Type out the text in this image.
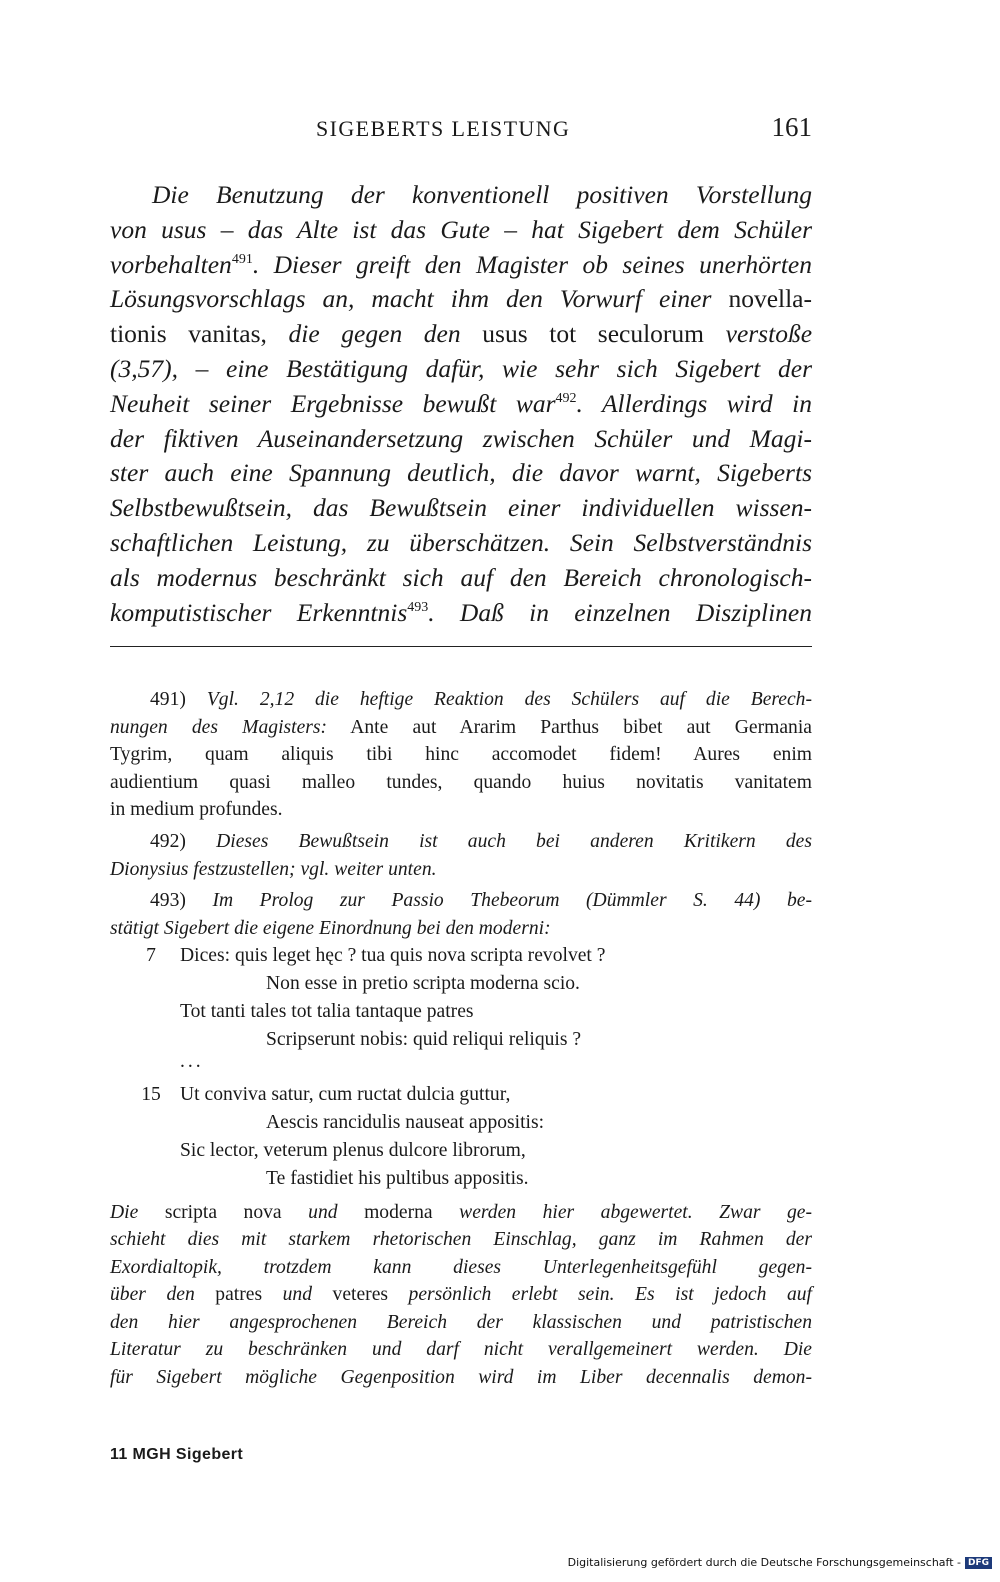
SIGEBERTS LEISTUNG	161
Die Benutzung der konventionell positiven Vorstellung
von usus – das Alte ist das Gute – hat Sigebert dem Schüler
vorbehalten$^{491}$. Dieser greift den Magister ob seines unerhörten
Lösungsvorschlags an, macht ihm den Vorwurf einer novella-
tionis vanitas, die gegen den usus tot seculorum verstoße
(3,57), – eine Bestätigung dafür, wie sehr sich Sigebert der
Neuheit seiner Ergebnisse bewußt war$^{492}$. Allerdings wird in
der fiktiven Auseinandersetzung zwischen Schüler und Magi-
ster auch eine Spannung deutlich, die davor warnt, Sigeberts
Selbstbewußtsein, das Bewußtsein einer individuellen wissen-
schaftlichen Leistung, zu überschätzen. Sein Selbstverständnis
als modernus beschränkt sich auf den Bereich chronologisch-
komputistischer Erkenntnis$^{493}$. Daß in einzelnen Disziplinen
491) Vgl. 2,12 die heftige Reaktion des Schülers auf die Berech-
nungen des Magisters: Ante aut Ararim Parthus bibet aut Germania
Tygrim, quam aliquis tibi hinc accomodet fidem! Aures enim
audientium quasi malleo tundes, quando huius novitatis vanitatem
in medium profundes.
492) Dieses Bewußtsein ist auch bei anderen Kritikern des
Dionysius festzustellen; vgl. weiter unten.
493) Im Prolog zur Passio Thebeorum (Dümmler S. 44) be-
stätigt Sigebert die eigene Einordnung bei den moderni:
7	Dices: quis leget hęc ? tua quis nova scripta revolvet ?
Non esse in pretio scripta moderna scio.
Tot tanti tales tot talia tantaque patres
Scripserunt nobis: quid reliqui reliquis ?
...
15 Ut conviva satur, cum ructat dulcia guttur,
Aescis rancidulis nauseat appositis:
Sic lector, veterum plenus dulcore librorum,
Te fastidiet his pultibus appositis.
Die scripta nova und moderna werden hier abgewertet. Zwar ge-
schieht dies mit starkem rhetorischen Einschlag, ganz im Rahmen der
Exordialtopik, trotzdem kann dieses Unterlegenheitsgefühl gegen-
über den patres und veteres persönlich erlebt sein. Es ist jedoch auf
den hier angesprochenen Bereich der klassischen und patristischen
Literatur zu beschränken und darf nicht verallgemeinert werden. Die
für Sigebert mögliche Gegenposition wird im Liber decennalis demon-
11 MGH Sigebert
Digitalisierung gefördert durch die Deutsche Forschungsgemeinschaft - DFG
